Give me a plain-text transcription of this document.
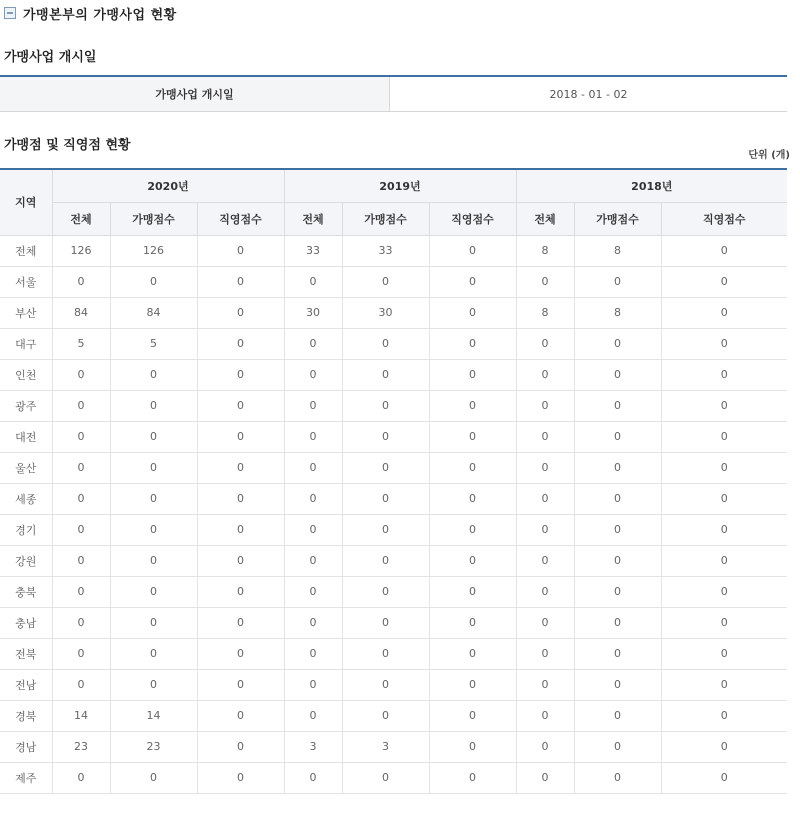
가맹본부의 가맹사업 현황
가맹사업 개시일
가맹사업 개시일	2018 - 01 - 02
가맹점 및 직영점 현황
단위 (개)
지역	2020년			2019년			2018년		
	전체	가맹점수	직영점수	전체	가맹점수	직영점수	전체	가맹점수	직영점수
전체	126	126	0	33	33	0	8	8	0
서울	0	0	0	0	0	0	0	0	0
부산	84	84	0	30	30	0	8	8	0
대구	5	5	0	0	0	0	0	0	0
인천	0	0	0	0	0	0	0	0	0
광주	0	0	0	0	0	0	0	0	0
대전	0	0	0	0	0	0	0	0	0
울산	0	0	0	0	0	0	0	0	0
세종	0	0	0	0	0	0	0	0	0
경기	0	0	0	0	0	0	0	0	0
강원	0	0	0	0	0	0	0	0	0
충북	0	0	0	0	0	0	0	0	0
충남	0	0	0	0	0	0	0	0	0
전북	0	0	0	0	0	0	0	0	0
전남	0	0	0	0	0	0	0	0	0
경북	14	14	0	0	0	0	0	0	0
경남	23	23	0	3	3	0	0	0	0
제주	0	0	0	0	0	0	0	0	0
